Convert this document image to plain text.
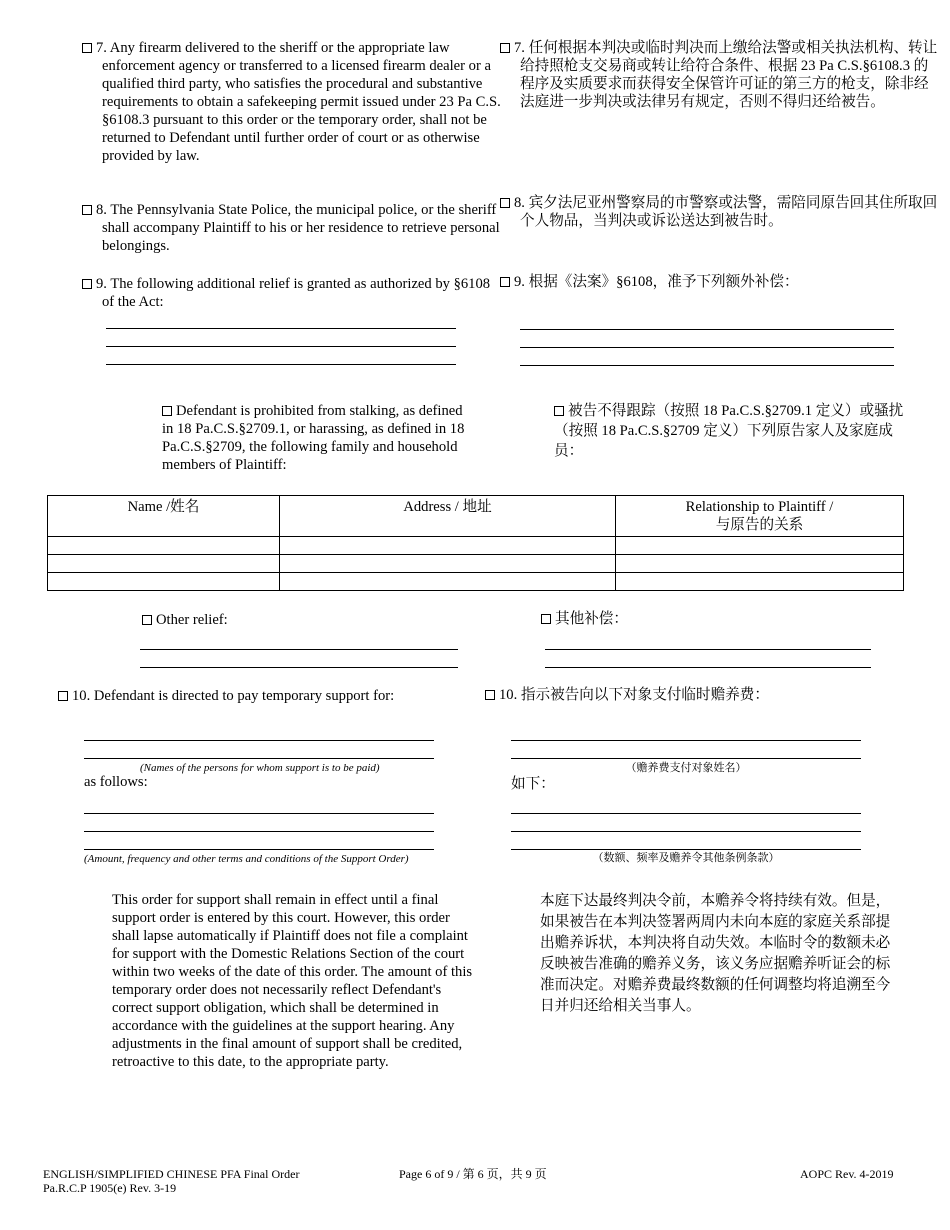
7. Any firearm delivered to the sheriff or the appropriate law enforcement agency or transferred to a licensed firearm dealer or a qualified third party, who satisfies the procedural and substantive requirements to obtain a safekeeping permit issued under 23 Pa C.S. §6108.3 pursuant to this order or the temporary order, shall not be returned to Defendant until further order of court or as otherwise provided by law.
7. 任何根据本判决或临时判决而上缴给法警或相关执法机构、转让给持照枪支交易商或转让给符合条件、根据 23 Pa C.S.§6108.3 的程序及实质要求而获得安全保管许可证的第三方的枪支，除非经法庭进一步判决或法律另有规定，否则不得归还给被告。
8. The Pennsylvania State Police, the municipal police, or the sheriff shall accompany Plaintiff to his or her residence to retrieve personal belongings.
8. 宾夕法尼亚州警察局的市警察或法警，需陪同原告回其住所取回个人物品，当判决或诉讼送达到被告时。
9. The following additional relief is granted as authorized by §6108 of the Act:
9. 根据《法案》§6108，准予下列额外补偿：
Defendant is prohibited from stalking, as defined in 18 Pa.C.S.§2709.1, or harassing, as defined in 18 Pa.C.S.§2709, the following family and household members of Plaintiff:
被告不得跟踪（按照 18 Pa.C.S.§2709.1 定义）或骚扰（按照 18 Pa.C.S.§2709 定义）下列原告家人及家庭成员：
Name /姓名	Address / 地址	Relationship to Plaintiff /
与原告的关系

Other relief:	其他补偿：
10. Defendant is directed to pay temporary support for:
(Names of the persons for whom support is to be paid)
as follows:
(Amount, frequency and other terms and conditions of the Support Order)
10. 指示被告向以下对象支付临时赡养费：
（赡养费支付对象姓名）
如下：
（数额、频率及赡养令其他条例条款）
This order for support shall remain in effect until a final support order is entered by this court. However, this order shall lapse automatically if Plaintiff does not file a complaint for support with the Domestic Relations Section of the court within two weeks of the date of this order. The amount of this temporary order does not necessarily reflect Defendant's correct support obligation, which shall be determined in accordance with the guidelines at the support hearing. Any adjustments in the final amount of support shall be credited, retroactive to this date, to the appropriate party.
本庭下达最终判决令前，本赡养令将持续有效。但是，如果被告在本判决签署两周内未向本庭的家庭关系部提出赡养诉状，本判决将自动失效。本临时令的数额未必反映被告准确的赡养义务，该义务应据赡养听证会的标准而决定。对赡养费最终数额的任何调整均将追溯至今日并归还给相关当事人。
ENGLISH/SIMPLIFIED CHINESE PFA Final Order
Pa.R.C.P 1905(e) Rev. 3-19
Page 6 of 9 / 第 6 页，共 9 页	AOPC Rev. 4-2019
